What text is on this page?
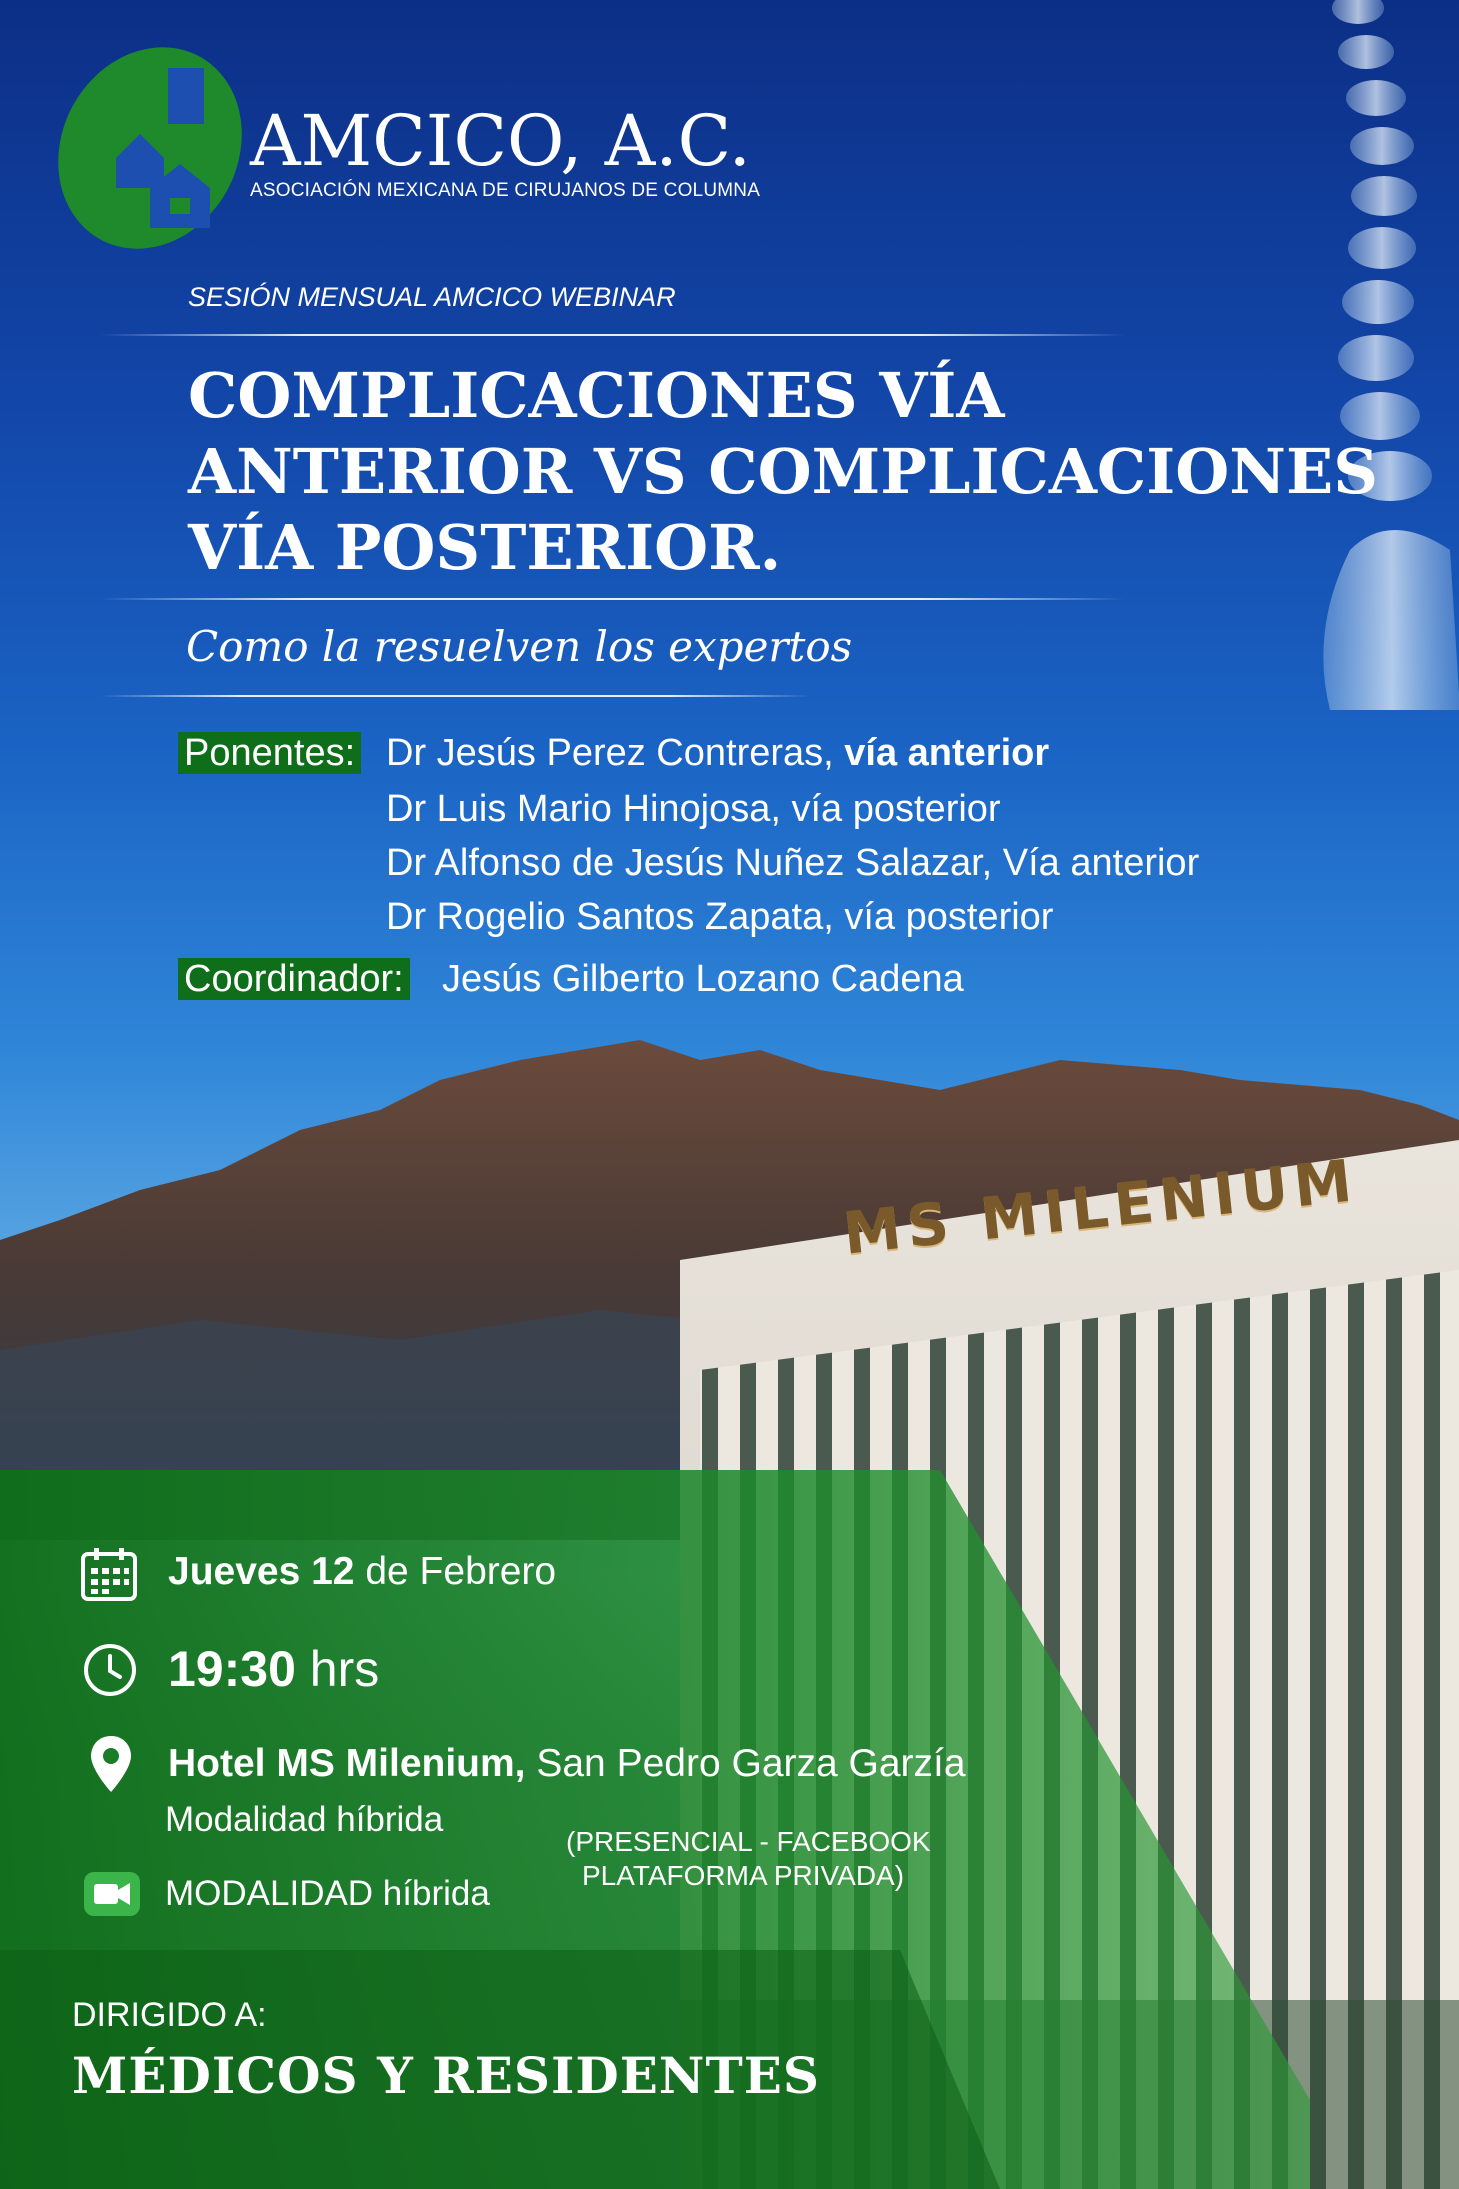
MS MILENIUM
AMCICO, A.C.
ASOCIACIÓN MEXICANA DE CIRUJANOS DE COLUMNA
SESIÓN MENSUAL AMCICO WEBINAR
COMPLICACIONES VÍA
ANTERIOR VS COMPLICACIONES
VÍA POSTERIOR.
Como la resuelven los expertos
Ponentes: Dr Jesús Perez Contreras, vía anterior
Dr Luis Mario Hinojosa, vía posterior
Dr Alfonso de Jesús Nuñez Salazar, Vía anterior
Dr Rogelio Santos Zapata, vía posterior
Coordinador: Jesús Gilberto Lozano Cadena
Jueves 12 de Febrero
19:30 hrs
Hotel MS Milenium, San Pedro Garza Garzía
Modalidad híbrida
(PRESENCIAL - FACEBOOK
PLATAFORMA PRIVADA)
MODALIDAD híbrida
DIRIGIDO A:
MÉDICOS Y RESIDENTES
